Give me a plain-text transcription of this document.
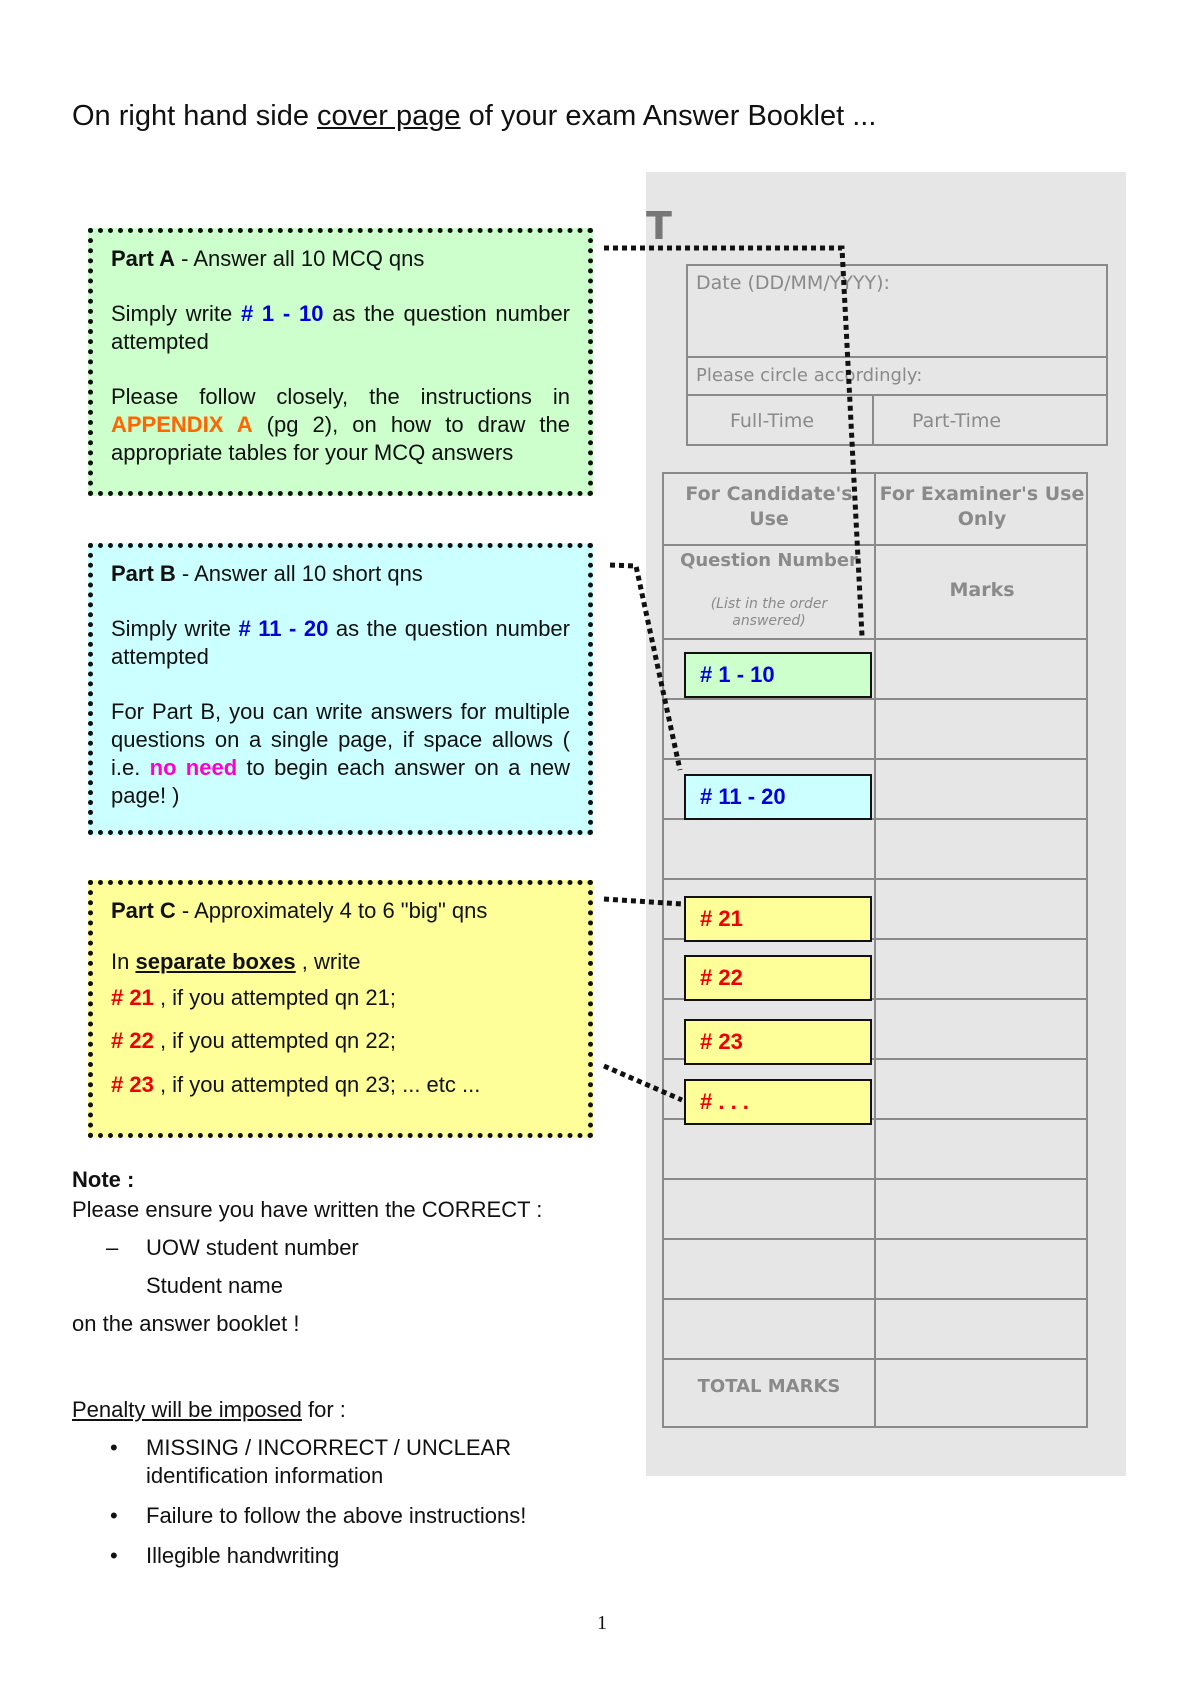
On right hand side cover page of your exam Answer Booklet ...
T
Date (DD/MM/YYYY):
Please circle accordingly:
Full-Time	Part-Time
For Candidate's Use
For Examiner's Use Only
Question Number
(List in the order answered)
Marks
TOTAL MARKS
# 1 - 10
# 11 - 20
# 21
# 22
# 23
# . . .

Part A - Answer all 10 MCQ qns

Simply write # 1 - 10 as the question number attempted

Please follow closely, the instructions in APPENDIX A (pg 2), on how to draw the appropriate tables for your MCQ answers

Part B - Answer all 10 short qns

Simply write # 11 - 20 as the question number attempted

For Part B, you can write answers for multiple questions on a single page, if space allows ( i.e. no need to begin each answer on a new page! )

Part C - Approximately 4 to 6 "big" qns

In separate boxes , write

# 21 , if you attempted qn 21;

# 22 , if you attempted qn 22;

# 23 , if you attempted qn 23; ... etc ...

Note :

Please ensure you have written the CORRECT :

– UOW student number

Student name

on the answer booklet !

Penalty will be imposed for :

• MISSING / INCORRECT / UNCLEAR identification information
• Failure to follow the above instructions!
• Illegible handwriting
1
